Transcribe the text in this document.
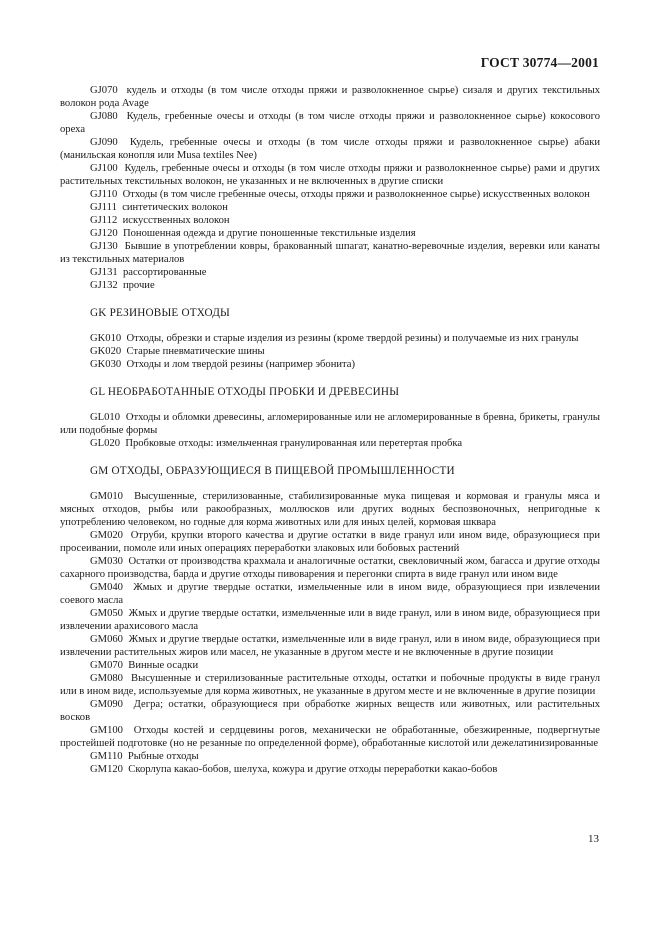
ГОСТ 30774—2001

GJ070 кудель и отходы (в том числе отходы пряжи и разволокненное сырье) сизаля и других текстильных волокон рода Avage

GJ080 Кудель, гребенные очесы и отходы (в том числе отходы пряжи и разволокненное сырье) кокосового ореха

GJ090 Кудель, гребенные очесы и отходы (в том числе отходы пряжи и разволокненное сырье) абаки (манильская конопля или Musa textiles Nee)

GJ100 Кудель, гребенные очесы и отходы (в том числе отходы пряжи и разволокненное сырье) рами и других растительных текстильных волокон, не указанных и не включенных в другие списки

GJ110 Отходы (в том числе гребенные очесы, отходы пряжи и разволокненное сырье) искусственных волокон

GJ111 синтетических волокон

GJ112 искусственных волокон

GJ120 Поношенная одежда и другие поношенные текстильные изделия

GJ130 Бывшие в употреблении ковры, бракованный шпагат, канатно-веревочные изделия, веревки или канаты из текстильных материалов

GJ131 рассортированные

GJ132 прочие

GK РЕЗИНОВЫЕ ОТХОДЫ

GK010 Отходы, обрезки и старые изделия из резины (кроме твердой резины) и получаемые из них гранулы

GK020 Старые пневматические шины

GK030 Отходы и лом твердой резины (например эбонита)

GL НЕОБРАБОТАННЫЕ ОТХОДЫ ПРОБКИ И ДРЕВЕСИНЫ

GL010 Отходы и обломки древесины, агломерированные или не агломерированные в бревна, брикеты, гранулы или подобные формы

GL020 Пробковые отходы: измельченная гранулированная или перетертая пробка

GM ОТХОДЫ, ОБРАЗУЮЩИЕСЯ В ПИЩЕВОЙ ПРОМЫШЛЕННОСТИ

GM010 Высушенные, стерилизованные, стабилизированные мука пищевая и кормовая и гранулы мяса и мясных отходов, рыбы или ракообразных, моллюсков или других водных беспозвоночных, непригодные к употреблению человеком, но годные для корма животных или для иных целей, кормовая шквара

GM020 Отруби, крупки второго качества и другие остатки в виде гранул или ином виде, образующиеся при просеивании, помоле или иных операциях переработки злаковых или бобовых растений

GM030 Остатки от производства крахмала и аналогичные остатки, свекловичный жом, багасса и другие отходы сахарного производства, барда и другие отходы пивоварения и перегонки спирта в виде гранул или ином виде

GM040 Жмых и другие твердые остатки, измельченные или в ином виде, образующиеся при извлечении соевого масла

GM050 Жмых и другие твердые остатки, измельченные или в виде гранул, или в ином виде, образующиеся при извлечении арахисового масла

GM060 Жмых и другие твердые остатки, измельченные или в виде гранул, или в ином виде, образующиеся при извлечении растительных жиров или масел, не указанные в другом месте и не включенные в другие позиции

GM070 Винные осадки

GM080 Высушенные и стерилизованные растительные отходы, остатки и побочные продукты в виде гранул или в ином виде, используемые для корма животных, не указанные в другом месте и не включенные в другие позиции

GM090 Дегра; остатки, образующиеся при обработке жирных веществ или животных, или растительных восков

GM100 Отходы костей и сердцевины рогов, механически не обработанные, обезжиренные, подвергнутые простейшей подготовке (но не резанные по определенной форме), обработанные кислотой или дежелатинизированные

GM110 Рыбные отходы

GM120 Скорлупа какао-бобов, шелуха, кожура и другие отходы переработки какао-бобов

13
